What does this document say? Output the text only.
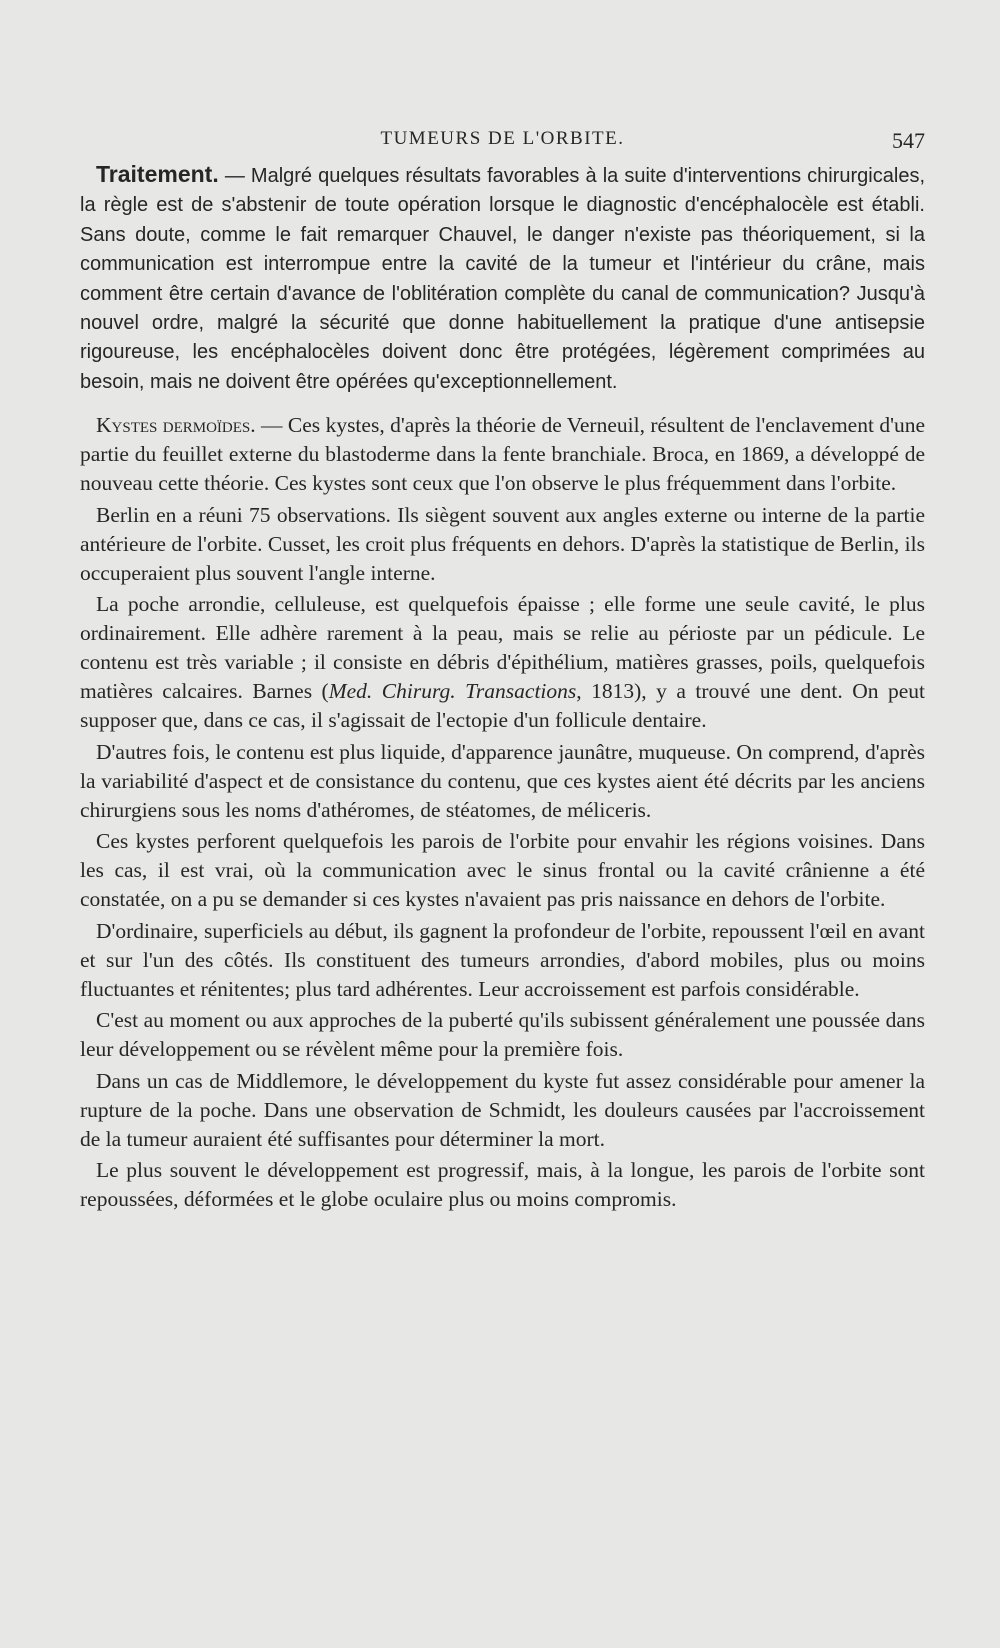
TUMEURS DE L'ORBITE.	547

Traitement. — Malgré quelques résultats favorables à la suite d'interventions chirurgicales, la règle est de s'abstenir de toute opération lorsque le diagnostic d'encéphalocèle est établi. Sans doute, comme le fait remarquer Chauvel, le danger n'existe pas théoriquement, si la communication est interrompue entre la cavité de la tumeur et l'intérieur du crâne, mais comment être certain d'avance de l'oblitération complète du canal de communication? Jusqu'à nouvel ordre, malgré la sécurité que donne habituellement la pratique d'une antisepsie rigoureuse, les encéphalocèles doivent donc être protégées, légèrement comprimées au besoin, mais ne doivent être opérées qu'exceptionnellement.

Kystes dermoïdes. — Ces kystes, d'après la théorie de Verneuil, résultent de l'enclavement d'une partie du feuillet externe du blastoderme dans la fente branchiale. Broca, en 1869, a développé de nouveau cette théorie. Ces kystes sont ceux que l'on observe le plus fréquemment dans l'orbite.

Berlin en a réuni 75 observations. Ils siègent souvent aux angles externe ou interne de la partie antérieure de l'orbite. Cusset, les croit plus fréquents en dehors. D'après la statistique de Berlin, ils occuperaient plus souvent l'angle interne.

La poche arrondie, celluleuse, est quelquefois épaisse ; elle forme une seule cavité, le plus ordinairement. Elle adhère rarement à la peau, mais se relie au périoste par un pédicule. Le contenu est très variable ; il consiste en débris d'épithélium, matières grasses, poils, quelquefois matières calcaires. Barnes (Med. Chirurg. Transactions, 1813), y a trouvé une dent. On peut supposer que, dans ce cas, il s'agissait de l'ectopie d'un follicule dentaire.

D'autres fois, le contenu est plus liquide, d'apparence jaunâtre, muqueuse. On comprend, d'après la variabilité d'aspect et de consistance du contenu, que ces kystes aient été décrits par les anciens chirurgiens sous les noms d'athéromes, de stéatomes, de méliceris.

Ces kystes perforent quelquefois les parois de l'orbite pour envahir les régions voisines. Dans les cas, il est vrai, où la communication avec le sinus frontal ou la cavité crânienne a été constatée, on a pu se demander si ces kystes n'avaient pas pris naissance en dehors de l'orbite.

D'ordinaire, superficiels au début, ils gagnent la profondeur de l'orbite, repoussent l'œil en avant et sur l'un des côtés. Ils constituent des tumeurs arrondies, d'abord mobiles, plus ou moins fluctuantes et rénitentes; plus tard adhérentes. Leur accroissement est parfois considérable.

C'est au moment ou aux approches de la puberté qu'ils subissent généralement une poussée dans leur développement ou se révèlent même pour la première fois.

Dans un cas de Middlemore, le développement du kyste fut assez considérable pour amener la rupture de la poche. Dans une observation de Schmidt, les douleurs causées par l'accroissement de la tumeur auraient été suffisantes pour déterminer la mort.

Le plus souvent le développement est progressif, mais, à la longue, les parois de l'orbite sont repoussées, déformées et le globe oculaire plus ou moins compromis.
